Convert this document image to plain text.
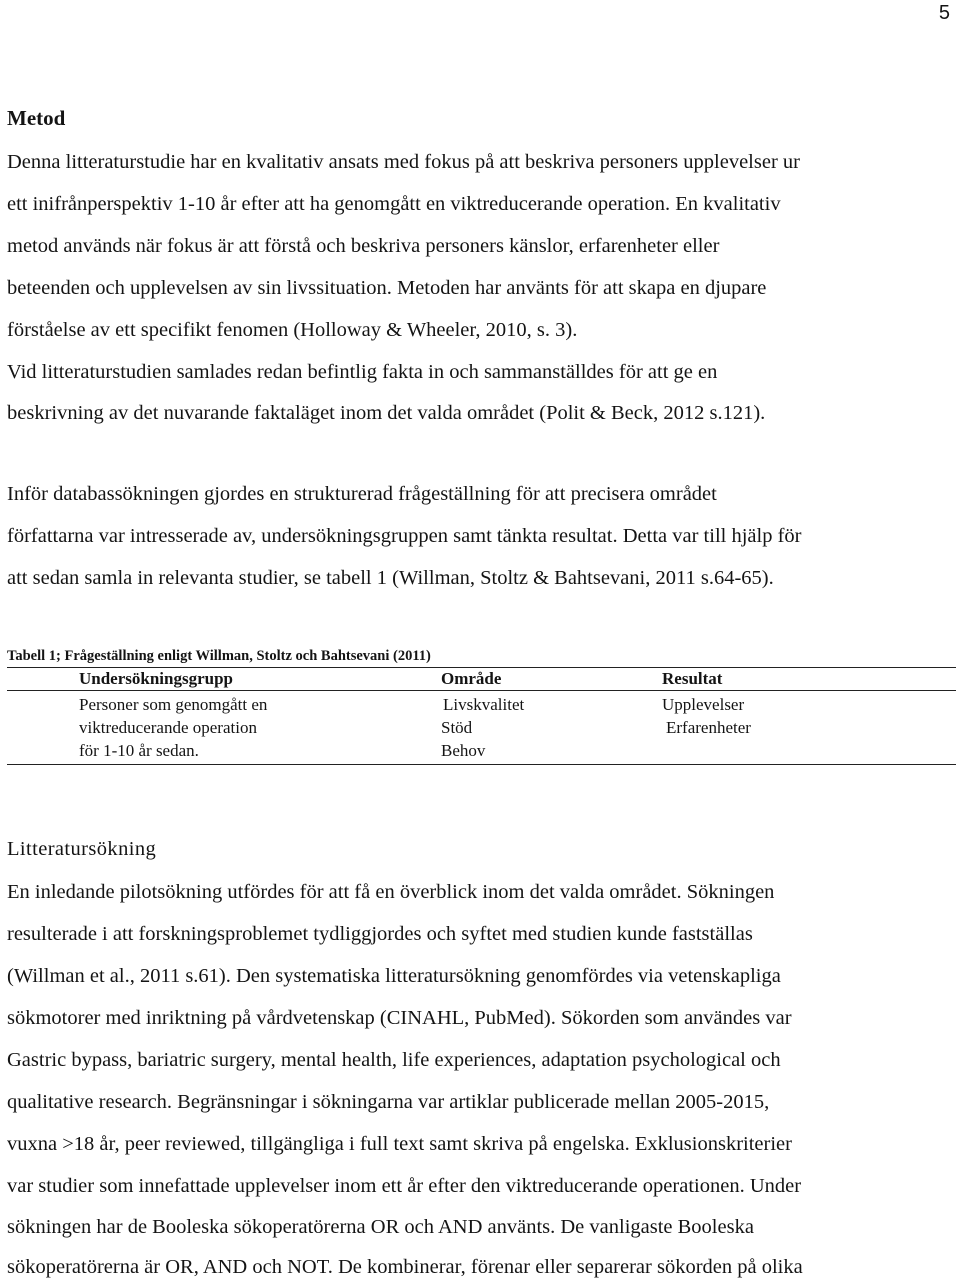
5
Metod
Denna litteraturstudie har en kvalitativ ansats med fokus på att beskriva personers upplevelser ur
ett inifrånperspektiv 1-10 år efter att ha genomgått en viktreducerande operation. En kvalitativ
metod används när fokus är att förstå och beskriva personers känslor, erfarenheter eller
beteenden och upplevelsen av sin livssituation. Metoden har använts för att skapa en djupare
förståelse av ett specifikt fenomen (Holloway & Wheeler, 2010, s. 3).
Vid litteraturstudien samlades redan befintlig fakta in och sammanställdes för att ge en
beskrivning av det nuvarande faktaläget inom det valda området (Polit & Beck, 2012 s.121).
Inför databassökningen gjordes en strukturerad frågeställning för att precisera området
författarna var intresserade av, undersökningsgruppen samt tänkta resultat. Detta var till hjälp för
att sedan samla in relevanta studier, se tabell 1 (Willman, Stoltz & Bahtsevani, 2011 s.64-65).
Tabell 1; Frågeställning enligt Willman, Stoltz och Bahtsevani (2011)
Undersökningsgrupp	Område	Resultat
Personer som genomgått en	Livskvalitet	Upplevelser
viktreducerande operation	Stöd	Erfarenheter
för 1-10 år sedan.	Behov
Litteratursökning
En inledande pilotsökning utfördes för att få en överblick inom det valda området. Sökningen
resulterade i att forskningsproblemet tydliggjordes och syftet med studien kunde fastställas
(Willman et al., 2011 s.61). Den systematiska litteratursökning genomfördes via vetenskapliga
sökmotorer med inriktning på vårdvetenskap (CINAHL, PubMed). Sökorden som användes var
Gastric bypass, bariatric surgery, mental health, life experiences, adaptation psychological och
qualitative research. Begränsningar i sökningarna var artiklar publicerade mellan 2005-2015,
vuxna >18 år, peer reviewed, tillgängliga i full text samt skriva på engelska. Exklusionskriterier
var studier som innefattade upplevelser inom ett år efter den viktreducerande operationen. Under
sökningen har de Booleska sökoperatörerna OR och AND använts. De vanligaste Booleska
sökoperatörerna är OR, AND och NOT. De kombinerar, förenar eller separerar sökorden på olika
